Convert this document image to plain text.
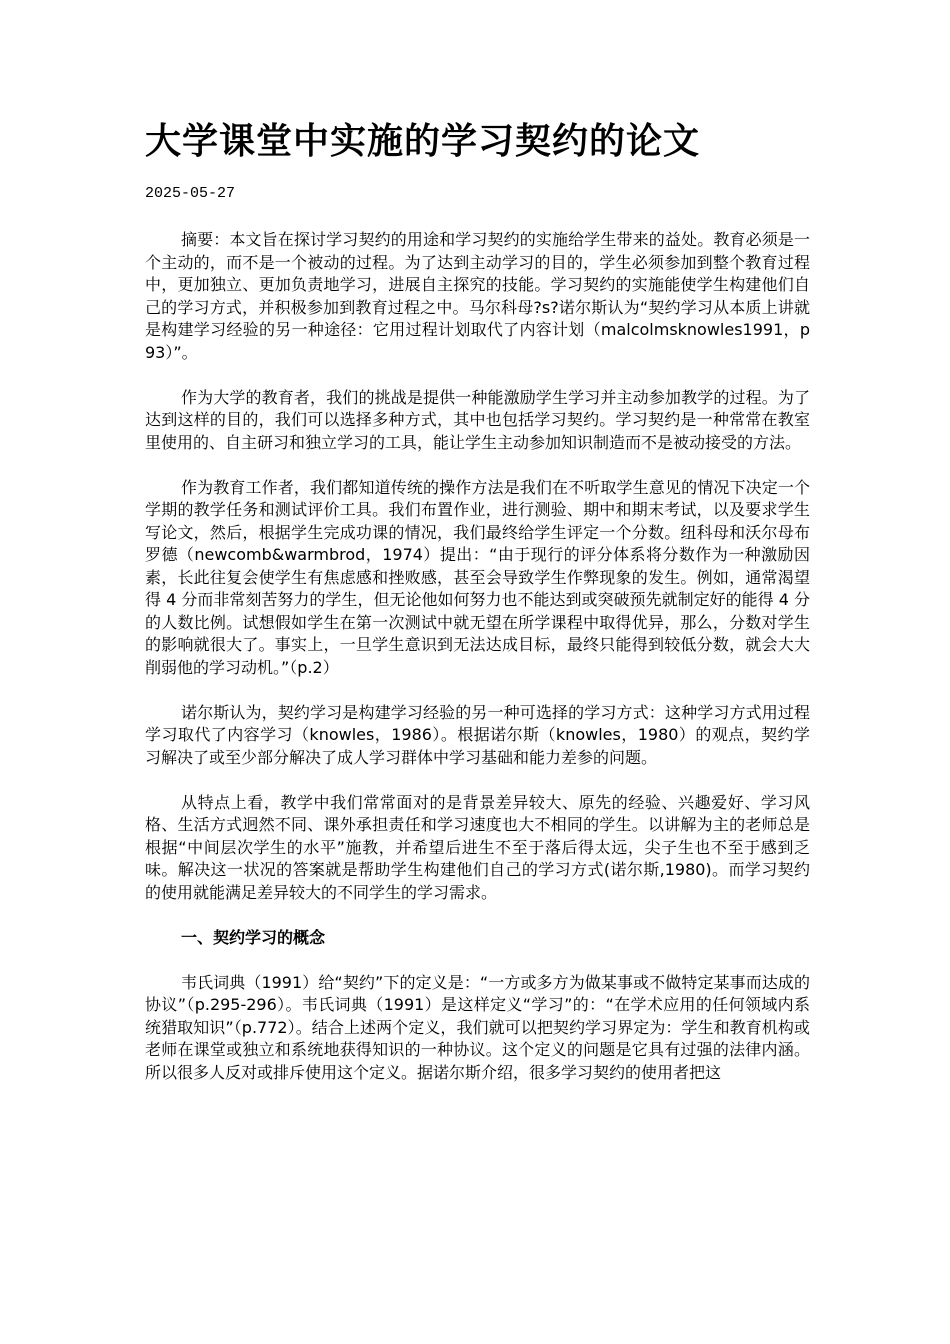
大学课堂中实施的学习契约的论文
2025-05-27

摘要：本文旨在探讨学习契约的用途和学习契约的实施给学生带来的益处。教育必须是一个主动的，而不是一个被动的过程。为了达到主动学习的目的，学生必须参加到整个教育过程中，更加独立、更加负责地学习，进展自主探究的技能。学习契约的实施能使学生构建他们自己的学习方式，并积极参加到教育过程之中。马尔科母?s?诺尔斯认为“契约学习从本质上讲就是构建学习经验的另一种途径：它用过程计划取代了内容计划（malcolmsknowles1991，p93）”。

作为大学的教育者，我们的挑战是提供一种能激励学生学习并主动参加教学的过程。为了达到这样的目的，我们可以选择多种方式，其中也包括学习契约。学习契约是一种常常在教室里使用的、自主研习和独立学习的工具，能让学生主动参加知识制造而不是被动接受的方法。

作为教育工作者，我们都知道传统的操作方法是我们在不听取学生意见的情况下决定一个学期的教学任务和测试评价工具。我们布置作业，进行测验、期中和期末考试，以及要求学生写论文，然后，根据学生完成功课的情况，我们最终给学生评定一个分数。纽科母和沃尔母布罗德（newcomb&warmbrod，1974）提出：“由于现行的评分体系将分数作为一种激励因素，长此往复会使学生有焦虑感和挫败感，甚至会导致学生作弊现象的发生。例如，通常渴望得 4 分而非常刻苦努力的学生，但无论他如何努力也不能达到或突破预先就制定好的能得 4 分的人数比例。试想假如学生在第一次测试中就无望在所学课程中取得优异，那么，分数对学生的影响就很大了。事实上，一旦学生意识到无法达成目标，最终只能得到较低分数，就会大大削弱他的学习动机。”（p.2）

诺尔斯认为，契约学习是构建学习经验的另一种可选择的学习方式：这种学习方式用过程学习取代了内容学习（knowles，1986）。根据诺尔斯（knowles，1980）的观点，契约学习解决了或至少部分解决了成人学习群体中学习基础和能力差参的问题。

从特点上看，教学中我们常常面对的是背景差异较大、原先的经验、兴趣爱好、学习风格、生活方式迥然不同、课外承担责任和学习速度也大不相同的学生。以讲解为主的老师总是根据“中间层次学生的水平”施教，并希望后进生不至于落后得太远，尖子生也不至于感到乏味。解决这一状况的答案就是帮助学生构建他们自己的学习方式(诺尔斯,1980)。而学习契约的使用就能满足差异较大的不同学生的学习需求。

一、契约学习的概念

韦氏词典（1991）给“契约”下的定义是：“一方或多方为做某事或不做特定某事而达成的协议”（p.295-296）。韦氏词典（1991）是这样定义“学习”的：“在学术应用的任何领域内系统猎取知识”（p.772）。结合上述两个定义，我们就可以把契约学习界定为：学生和教育机构或老师在课堂或独立和系统地获得知识的一种协议。这个定义的问题是它具有过强的法律内涵。所以很多人反对或排斥使用这个定义。据诺尔斯介绍，很多学习契约的使用者把这
